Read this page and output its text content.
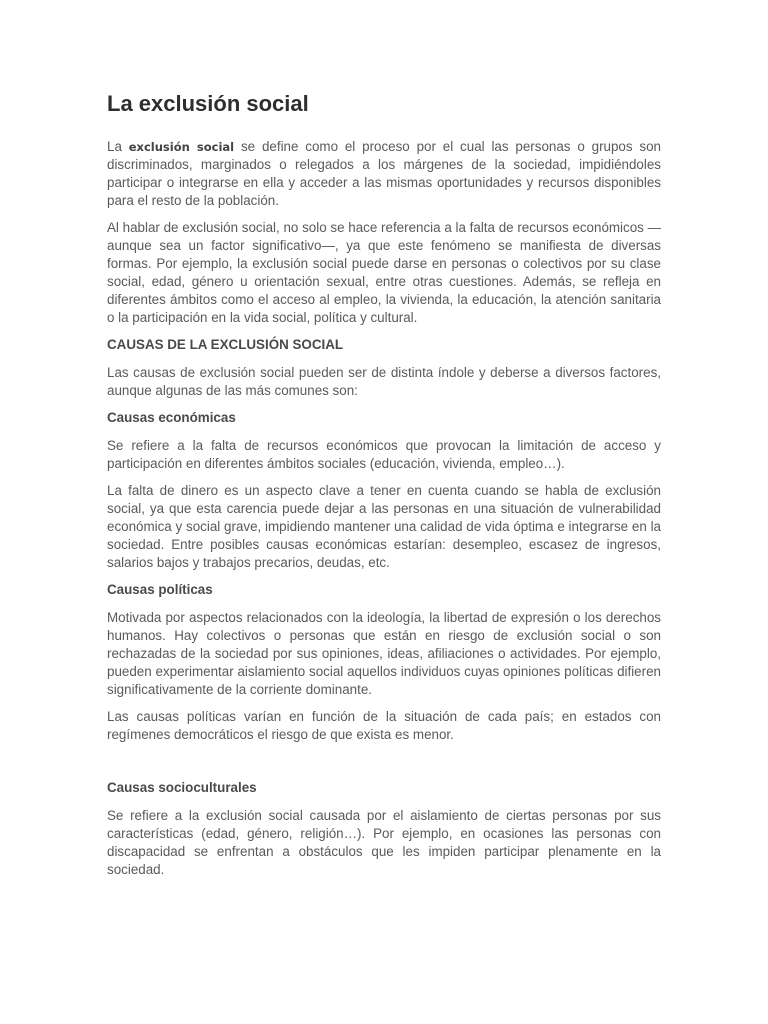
La exclusión social

La exclusión social se define como el proceso por el cual las personas o grupos son discriminados, marginados o relegados a los márgenes de la sociedad, impidiéndoles participar o integrarse en ella y acceder a las mismas oportunidades y recursos disponibles para el resto de la población.

Al hablar de exclusión social, no solo se hace referencia a la falta de recursos económicos —aunque sea un factor significativo—, ya que este fenómeno se manifiesta de diversas formas. Por ejemplo, la exclusión social puede darse en personas o colectivos por su clase social, edad, género u orientación sexual, entre otras cuestiones. Además, se refleja en diferentes ámbitos como el acceso al empleo, la vivienda, la educación, la atención sanitaria o la participación en la vida social, política y cultural.

CAUSAS DE LA EXCLUSIÓN SOCIAL

Las causas de exclusión social pueden ser de distinta índole y deberse a diversos factores, aunque algunas de las más comunes son:

Causas económicas

Se refiere a la falta de recursos económicos que provocan la limitación de acceso y participación en diferentes ámbitos sociales (educación, vivienda, empleo…).

La falta de dinero es un aspecto clave a tener en cuenta cuando se habla de exclusión social, ya que esta carencia puede dejar a las personas en una situación de vulnerabilidad económica y social grave, impidiendo mantener una calidad de vida óptima e integrarse en la sociedad. Entre posibles causas económicas estarían: desempleo, escasez de ingresos, salarios bajos y trabajos precarios, deudas, etc.

Causas políticas

Motivada por aspectos relacionados con la ideología, la libertad de expresión o los derechos humanos. Hay colectivos o personas que están en riesgo de exclusión social o son rechazadas de la sociedad por sus opiniones, ideas, afiliaciones o actividades. Por ejemplo, pueden experimentar aislamiento social aquellos individuos cuyas opiniones políticas difieren significativamente de la corriente dominante.

Las causas políticas varían en función de la situación de cada país; en estados con regímenes democráticos el riesgo de que exista es menor.

Causas socioculturales

Se refiere a la exclusión social causada por el aislamiento de ciertas personas por sus características (edad, género, religión…). Por ejemplo, en ocasiones las personas con discapacidad se enfrentan a obstáculos que les impiden participar plenamente en la sociedad.
